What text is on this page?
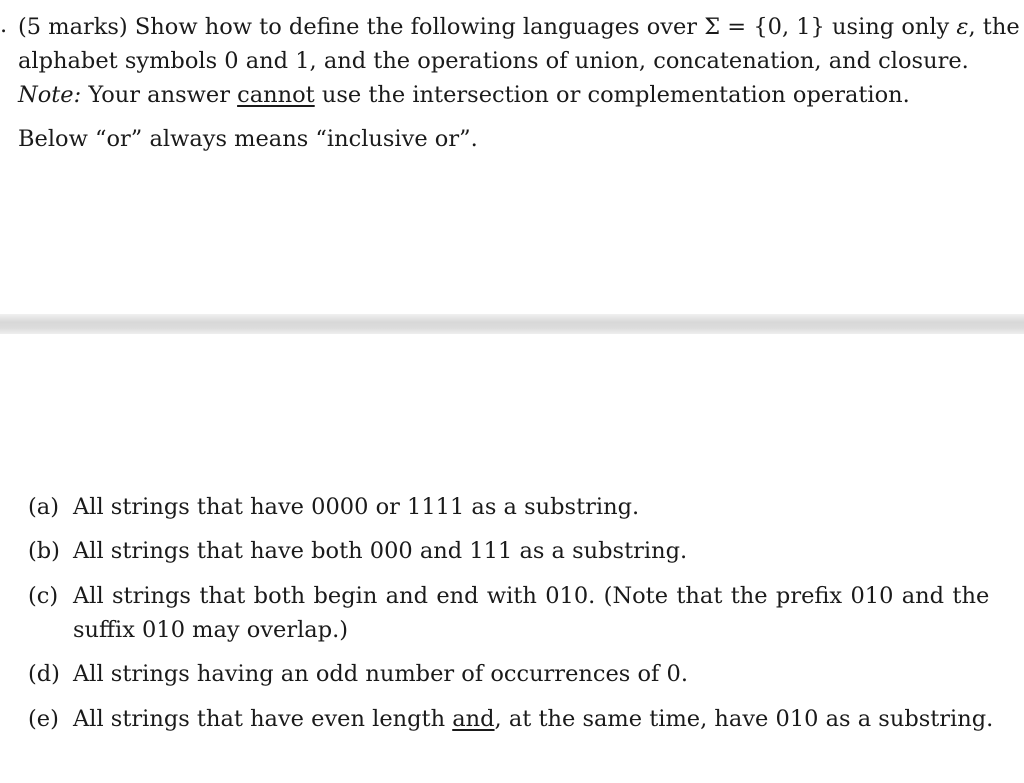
. (5 marks) Show how to define the following languages over Σ = {0, 1} using only ε, the
alphabet symbols 0 and 1, and the operations of union, concatenation, and closure.
Note: Your answer cannot use the intersection or complementation operation.
Below “or” always means “inclusive or”.
(a) All strings that have 0000 or 1111 as a substring.
(b) All strings that have both 000 and 111 as a substring.
(c) All strings that both begin and end with 010. (Note that the prefix 010 and the
suffix 010 may overlap.)
(d) All strings having an odd number of occurrences of 0.
(e) All strings that have even length and, at the same time, have 010 as a substring.
